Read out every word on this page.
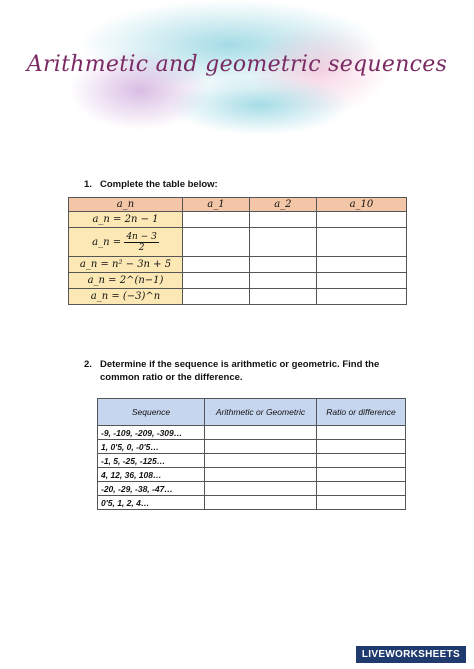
Arithmetic and geometric sequences
1. Complete the table below:
a_n	a_1	a_2	a_10
a_n = 2n − 1			
a_n = $\frac{4n - 3}{2}$

a_n = n² − 3n + 5			
a_n = 2^(n−1)			
a_n = (−3)^n			
2. Determine if the sequence is arithmetic or geometric. Find the
common ratio or the difference.
Sequence	Arithmetic or Geometric	Ratio or difference
-9, -109, -209, -309…		
1, 0'5, 0, -0'5…		
-1, 5, -25, -125…		
4, 12, 36, 108…		
-20, -29, -38, -47…		
0'5, 1, 2, 4…		
LIVEWORKSHEETS
